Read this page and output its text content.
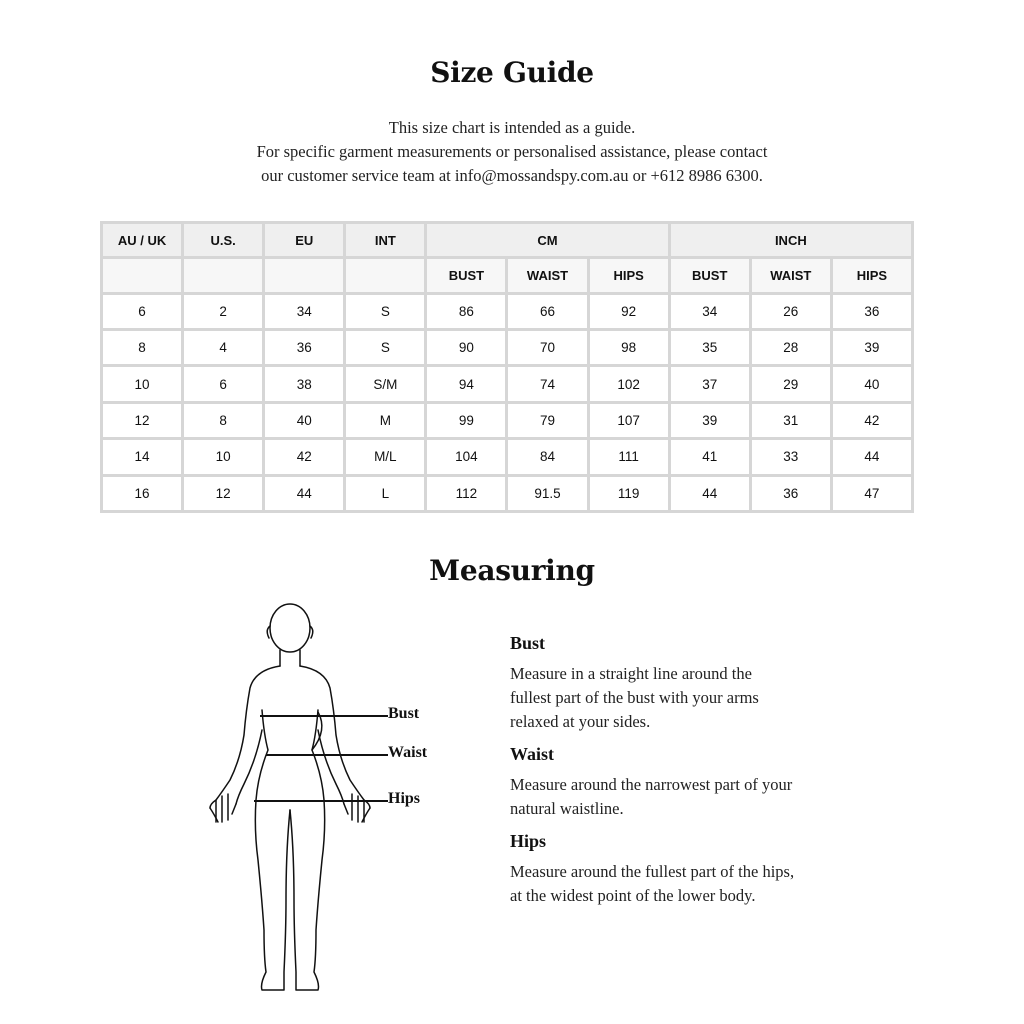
Size Guide
This size chart is intended as a guide.
For specific garment measurements or personalised assistance, please contact
our customer service team at info@mossandspy.com.au or +612 8986 6300.
AU / UK	U.S.	EU	INT	CM			INCH		
				BUST	WAIST	HIPS	BUST	WAIST	HIPS
6	2	34	S	86	66	92	34	26	36
8	4	36	S	90	70	98	35	28	39
10	6	38	S/M	94	74	102	37	29	40
12	8	40	M	99	79	107	39	31	42
14	10	42	M/L	104	84	111	41	33	44
16	12	44	L	112	91.5	119	44	36	47
Measuring
Bust
Waist
Hips
Bust

Measure in a straight line around the

fullest part of the bust with your arms

relaxed at your sides.

Waist

Measure around the narrowest part of your

natural waistline.

Hips

Measure around the fullest part of the hips,

at the widest point of the lower body.
